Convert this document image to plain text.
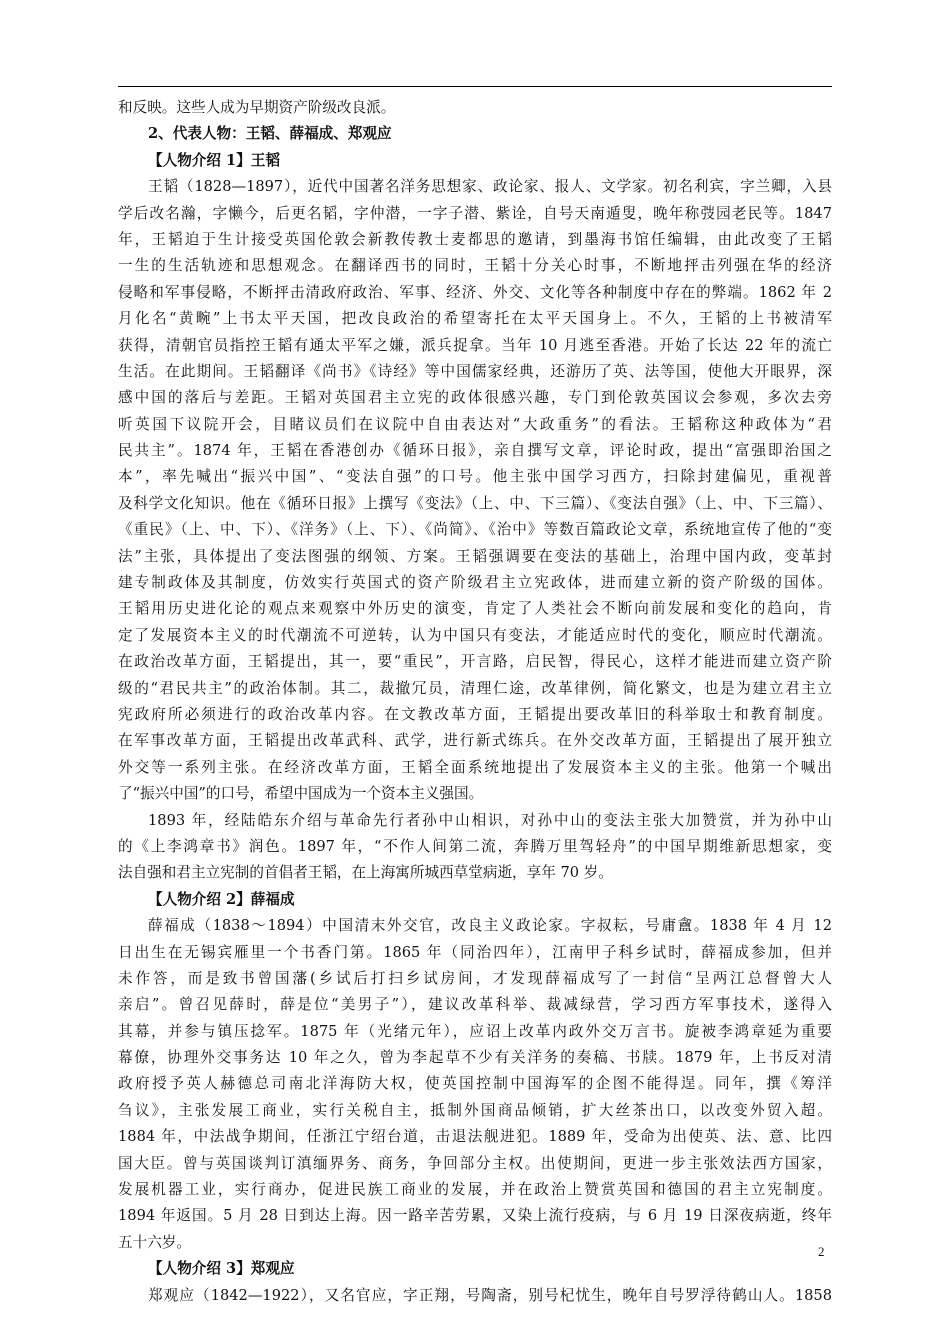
和反映。这些人成为早期资产阶级改良派。
2、代表人物：王韬、薛福成、郑观应
【人物介绍 1】王韬
王韬（1828—1897），近代中国著名洋务思想家、政论家、报人、文学家。初名利宾，字兰卿，入县
学后改名瀚，字懒今，后更名韬，字仲潜，一字子潜、紫诠，自号天南遁叟，晚年称弢园老民等。1847
年，王韬迫于生计接受英国伦敦会新教传教士麦都思的邀请，到墨海书馆任编辑，由此改变了王韬
一生的生活轨迹和思想观念。在翻译西书的同时，王韬十分关心时事，不断地抨击列强在华的经济
侵略和军事侵略，不断抨击清政府政治、军事、经济、外交、文化等各种制度中存在的弊端。1862 年 2
月化名“黄畹”上书太平天国，把改良政治的希望寄托在太平天国身上。不久，王韬的上书被清军
获得，清朝官员指控王韬有通太平军之嫌，派兵捉拿。当年 10 月逃至香港。开始了长达 22 年的流亡
生活。在此期间。王韬翻译《尚书》《诗经》等中国儒家经典，还游历了英、法等国，使他大开眼界，深
感中国的落后与差距。王韬对英国君主立宪的政体很感兴趣，专门到伦敦英国议会参观，多次去旁
听英国下议院开会，目睹议员们在议院中自由表达对“大政重务”的看法。王韬称这种政体为“君
民共主”。1874 年，王韬在香港创办《循环日报》，亲自撰写文章，评论时政，提出“富强即治国之
本”，率先喊出“振兴中国”、“变法自强”的口号。他主张中国学习西方，扫除封建偏见，重视普
及科学文化知识。他在《循环日报》上撰写《变法》（上、中、下三篇）、《变法自强》（上、中、下三篇）、
《重民》（上、中、下）、《洋务》（上、下）、《尚简》、《治中》等数百篇政论文章，系统地宣传了他的“变
法”主张，具体提出了变法图强的纲领、方案。王韬强调要在变法的基础上，治理中国内政，变革封
建专制政体及其制度，仿效实行英国式的资产阶级君主立宪政体，进而建立新的资产阶级的国体。
王韬用历史进化论的观点来观察中外历史的演变，肯定了人类社会不断向前发展和变化的趋向，肯
定了发展资本主义的时代潮流不可逆转，认为中国只有变法，才能适应时代的变化，顺应时代潮流。
在政治改革方面，王韬提出，其一，要“重民”，开言路，启民智，得民心，这样才能进而建立资产阶
级的“君民共主”的政治体制。其二，裁撤冗员，清理仁途，改革律例，简化繁文，也是为建立君主立
宪政府所必须进行的政治改革内容。在文教改革方面，王韬提出要改革旧的科举取士和教育制度。
在军事改革方面，王韬提出改革武科、武学，进行新式练兵。在外交改革方面，王韬提出了展开独立
外交等一系列主张。在经济改革方面，王韬全面系统地提出了发展资本主义的主张。他第一个喊出
了“振兴中国”的口号，希望中国成为一个资本主义强国。
1893 年，经陆皓东介绍与革命先行者孙中山相识，对孙中山的变法主张大加赞赏，并为孙中山
的《上李鸿章书》润色。1897 年，“不作人间第二流，奔腾万里驾轻舟”的中国早期维新思想家，变
法自强和君主立宪制的首倡者王韬，在上海寓所城西草堂病逝，享年 70 岁。
【人物介绍 2】薛福成
薛福成（1838～1894）中国清末外交官，改良主义政论家。字叔耘，号庸盦。1838 年 4 月 12
日出生在无锡宾雁里一个书香门第。1865 年（同治四年），江南甲子科乡试时，薛福成参加，但并
未作答，而是致书曾国藩(乡试后打扫乡试房间，才发现薛福成写了一封信“呈两江总督曾大人
亲启”。曾召见薛时，薛是位“美男子”），建议改革科举、裁减绿营，学习西方军事技术，遂得入
其幕，并参与镇压捻军。1875 年（光绪元年），应诏上改革内政外交万言书。旋被李鸿章延为重要
幕僚，协理外交事务达 10 年之久，曾为李起草不少有关洋务的奏稿、书牍。1879 年，上书反对清
政府授予英人赫德总司南北洋海防大权，使英国控制中国海军的企图不能得逞。同年，撰《筹洋
刍议》，主张发展工商业，实行关税自主，抵制外国商品倾销，扩大丝茶出口，以改变外贸入超。
1884 年，中法战争期间，任浙江宁绍台道，击退法舰进犯。1889 年，受命为出使英、法、意、比四
国大臣。曾与英国谈判订滇缅界务、商务，争回部分主权。出使期间，更进一步主张效法西方国家，
发展机器工业，实行商办，促进民族工商业的发展，并在政治上赞赏英国和德国的君主立宪制度。
1894 年返国。5 月 28 日到达上海。因一路辛苦劳累，又染上流行疫病，与 6 月 19 日深夜病逝，终年
五十六岁。
【人物介绍 3】郑观应
郑观应（1842—1922），又名官应，字正翔，号陶斋，别号杞忧生，晚年自号罗浮待鹤山人。1858
2
